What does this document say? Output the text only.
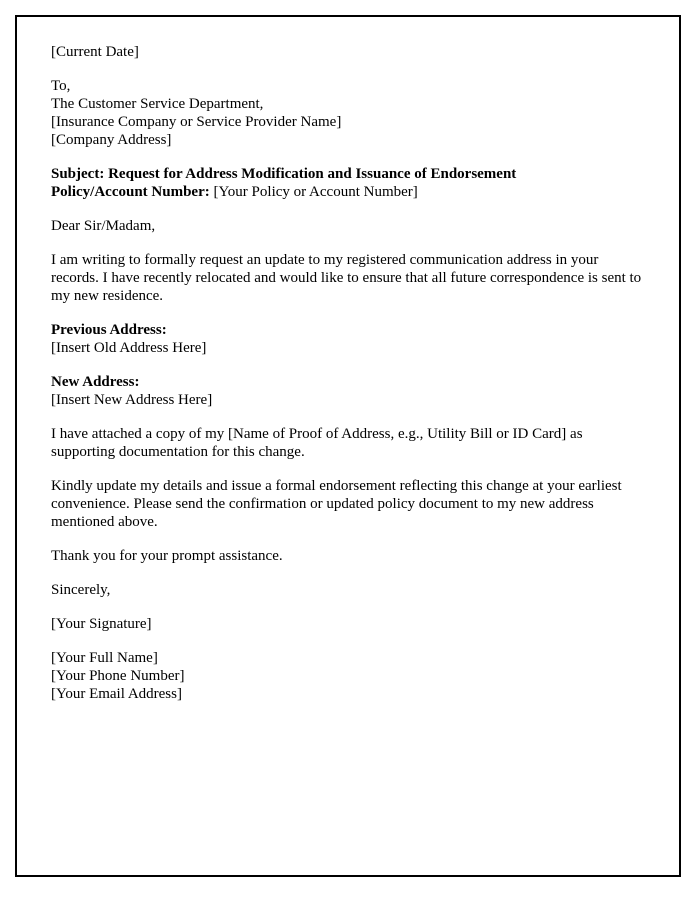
[Current Date]

To,
The Customer Service Department,
[Insurance Company or Service Provider Name]
[Company Address]

Subject: Request for Address Modification and Issuance of Endorsement
Policy/Account Number: [Your Policy or Account Number]

Dear Sir/Madam,

I am writing to formally request an update to my registered communication address in your records. I have recently relocated and would like to ensure that all future correspondence is sent to my new residence.

Previous Address:
[Insert Old Address Here]

New Address:
[Insert New Address Here]

I have attached a copy of my [Name of Proof of Address, e.g., Utility Bill or ID Card] as supporting documentation for this change.

Kindly update my details and issue a formal endorsement reflecting this change at your earliest convenience. Please send the confirmation or updated policy document to my new address mentioned above.

Thank you for your prompt assistance.

Sincerely,

[Your Signature]

[Your Full Name]
[Your Phone Number]
[Your Email Address]
